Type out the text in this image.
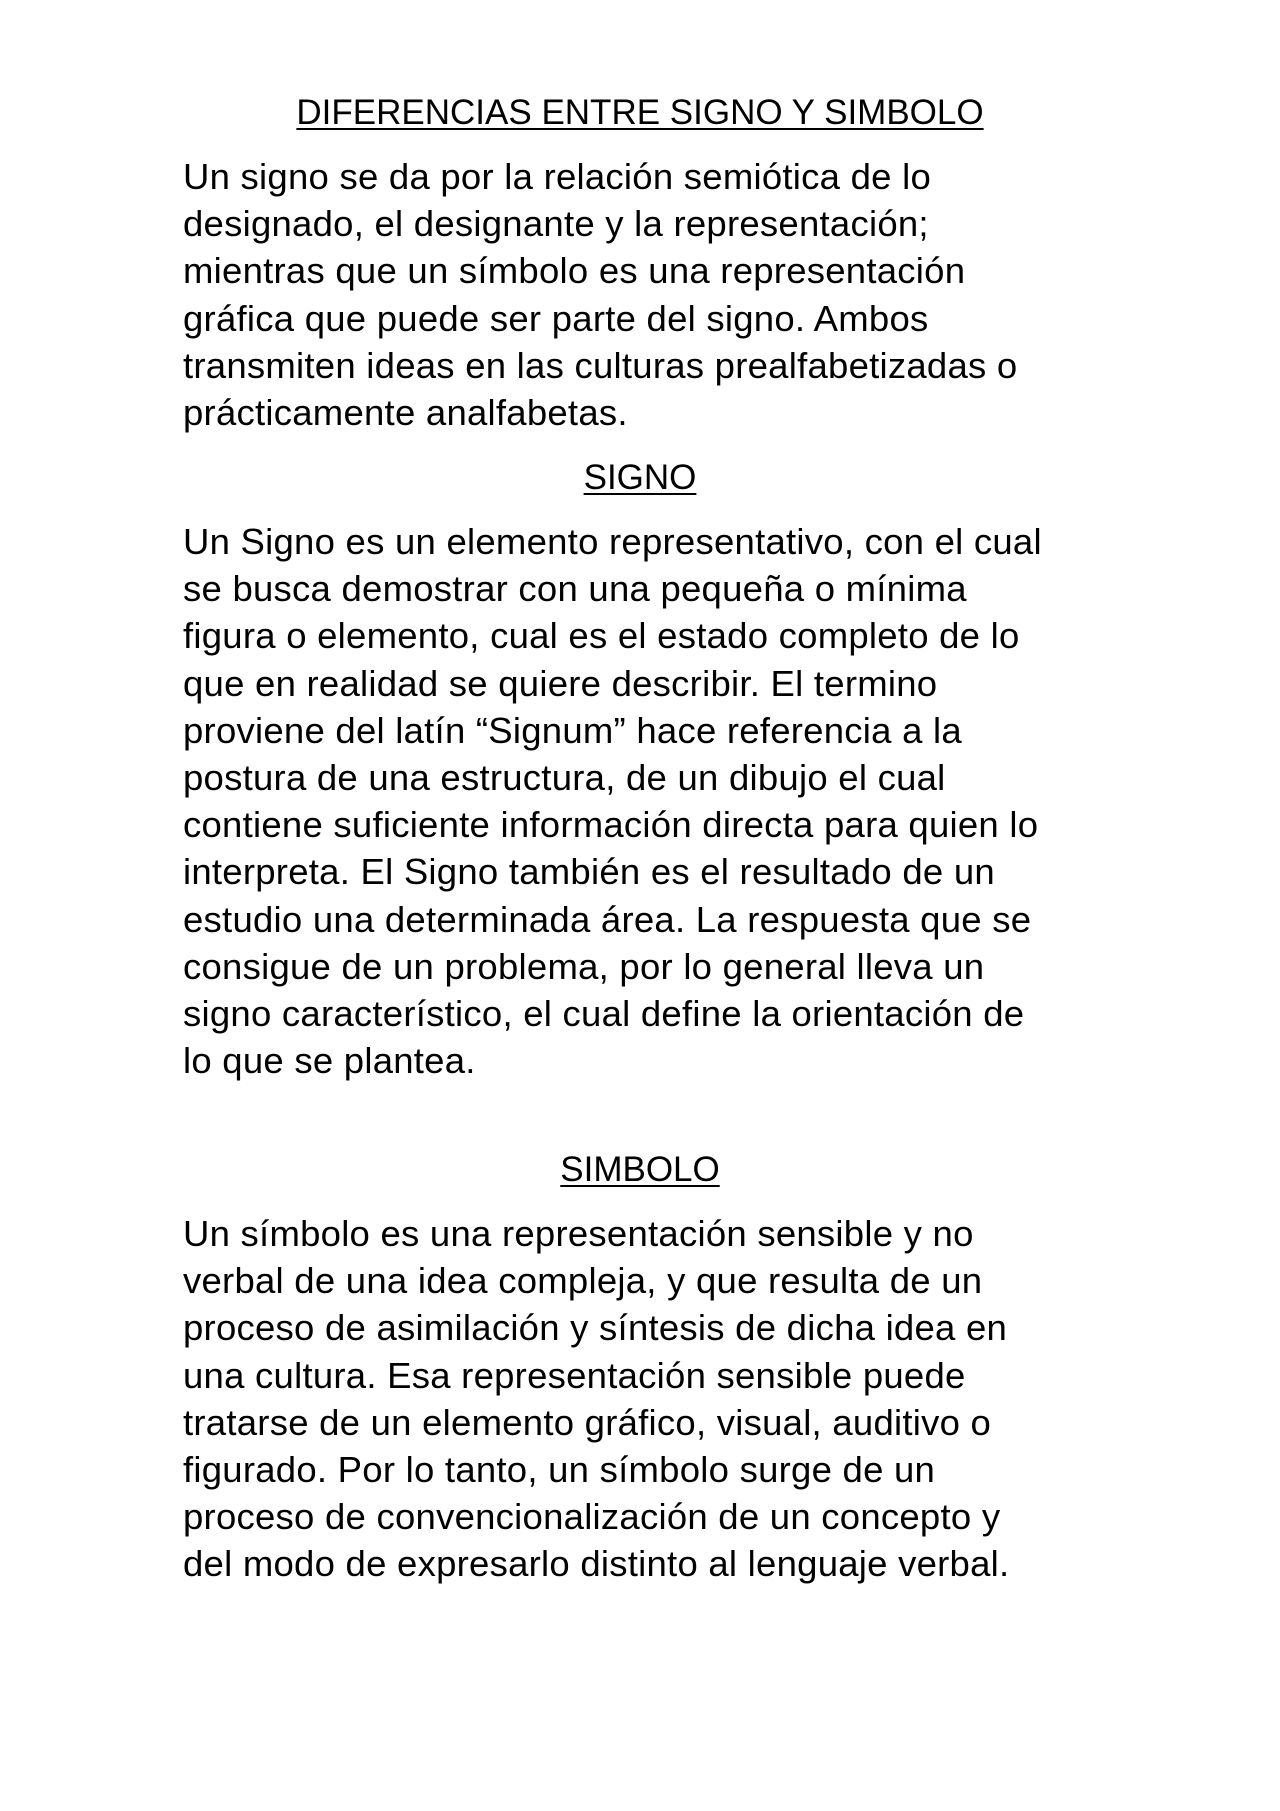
DIFERENCIAS ENTRE SIGNO Y SIMBOLO

Un signo se da por la relación semiótica de lo
designado, el designante y la representación;
mientras que un símbolo es una representación
gráfica que puede ser parte del signo. Ambos
transmiten ideas en las culturas prealfabetizadas o
prácticamente analfabetas.

SIGNO

Un Signo es un elemento representativo, con el cual
se busca demostrar con una pequeña o mínima
figura o elemento, cual es el estado completo de lo
que en realidad se quiere describir. El termino
proviene del latín “Signum” hace referencia a la
postura de una estructura, de un dibujo el cual
contiene suficiente información directa para quien lo
interpreta. El Signo también es el resultado de un
estudio una determinada área. La respuesta que se
consigue de un problema, por lo general lleva un
signo característico, el cual define la orientación de
lo que se plantea.

SIMBOLO

Un símbolo es una representación sensible y no
verbal de una idea compleja, y que resulta de un
proceso de asimilación y síntesis de dicha idea en
una cultura. Esa representación sensible puede
tratarse de un elemento gráfico, visual, auditivo o
figurado. Por lo tanto, un símbolo surge de un
proceso de convencionalización de un concepto y
del modo de expresarlo distinto al lenguaje verbal.
